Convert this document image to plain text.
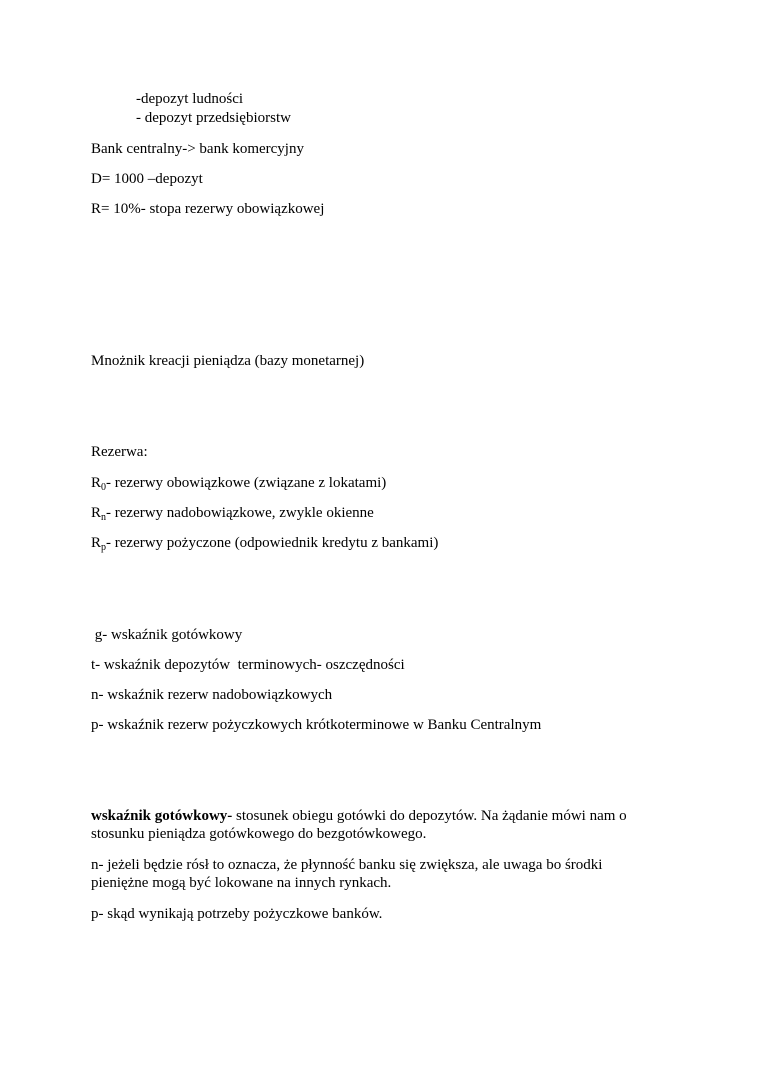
-depozyt ludności
- depozyt przedsiębiorstw
Bank centralny-> bank komercyjny
D= 1000 –depozyt
R= 10%- stopa rezerwy obowiązkowej
Mnożnik kreacji pieniądza (bazy monetarnej)
Rezerwa:
$R_0-$ rezerwy obowiązkowe (związane z lokatami)
$R_n-$ rezerwy nadobowiązkowe, zwykle okienne
$R_p-$ rezerwy pożyczone (odpowiednik kredytu z bankami)
g- wskaźnik gotówkowy
t- wskaźnik depozytów  terminowych- oszczędności
n- wskaźnik rezerw nadobowiązkowych
p- wskaźnik rezerw pożyczkowych krótkoterminowe w Banku Centralnym
wskaźnik gotówkowy- stosunek obiegu gotówki do depozytów. Na żądanie mówi nam o stosunku pieniądza gotówkowego do bezgotówkowego.
n- jeżeli będzie rósł to oznacza, że płynność banku się zwiększa, ale uwaga bo środki pieniężne mogą być lokowane na innych rynkach.
p- skąd wynikają potrzeby pożyczkowe banków.
